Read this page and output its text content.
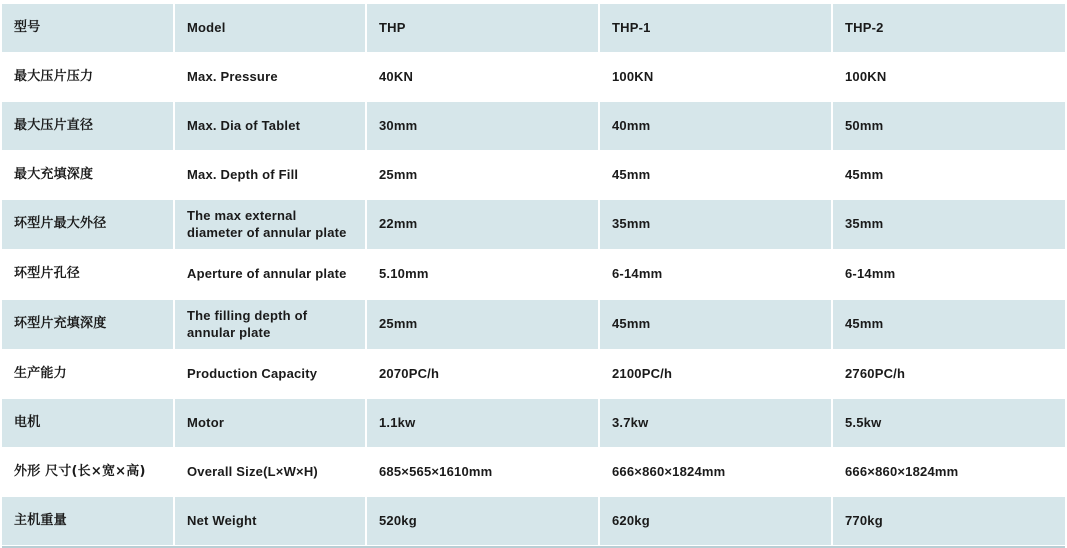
型号	Model	THP	THP-1	THP-2
最大压片压力	Max. Pressure	40KN	100KN	100KN
最大压片直径	Max. Dia of Tablet	30mm	40mm	50mm
最大充填深度	Max. Depth of Fill	25mm	45mm	45mm
环型片最大外径	The max external diameter of annular plate	22mm	35mm	35mm
环型片孔径	Aperture of annular plate	5.10mm	6-14mm	6-14mm
环型片充填深度	The filling depth of annular plate	25mm	45mm	45mm
生产能力	Production Capacity	2070PC/h	2100PC/h	2760PC/h
电机	Motor	1.1kw	3.7kw	5.5kw
外形 尺寸(长×宽×高)	Overall Size(L×W×H)	685×565×1610mm	666×860×1824mm	666×860×1824mm
主机重量	Net Weight	520kg	620kg	770kg
